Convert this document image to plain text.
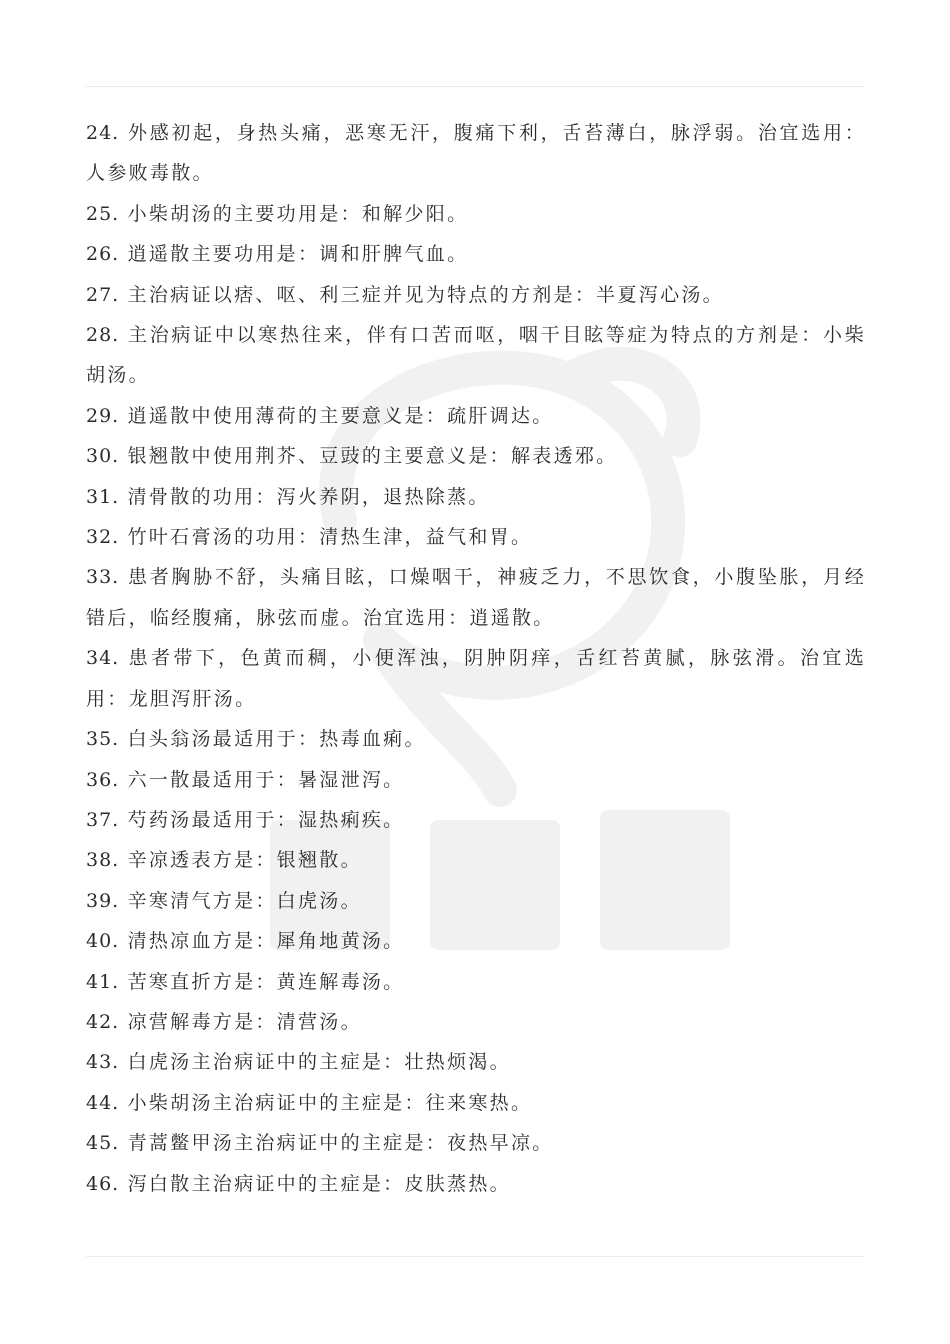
24. 外感初起，身热头痛，恶寒无汗，腹痛下利，舌苔薄白，脉浮弱。治宜选用：人参败毒散。

25. 小柴胡汤的主要功用是：和解少阳。

26. 逍遥散主要功用是：调和肝脾气血。

27. 主治病证以痞、呕、利三症并见为特点的方剂是：半夏泻心汤。

28. 主治病证中以寒热往来，伴有口苦而呕，咽干目眩等症为特点的方剂是：小柴胡汤。

29. 逍遥散中使用薄荷的主要意义是：疏肝调达。

30. 银翘散中使用荆芥、豆豉的主要意义是：解表透邪。

31. 清骨散的功用：泻火养阴，退热除蒸。

32. 竹叶石膏汤的功用：清热生津，益气和胃。

33. 患者胸胁不舒，头痛目眩，口燥咽干，神疲乏力，不思饮食，小腹坠胀，月经错后，临经腹痛，脉弦而虚。治宜选用：逍遥散。

34. 患者带下，色黄而稠，小便浑浊，阴肿阴痒，舌红苔黄腻，脉弦滑。治宜选用：龙胆泻肝汤。

35. 白头翁汤最适用于：热毒血痢。

36. 六一散最适用于：暑湿泄泻。

37. 芍药汤最适用于：湿热痢疾。

38. 辛凉透表方是：银翘散。

39. 辛寒清气方是：白虎汤。

40. 清热凉血方是：犀角地黄汤。

41. 苦寒直折方是：黄连解毒汤。

42. 凉营解毒方是：清营汤。

43. 白虎汤主治病证中的主症是：壮热烦渴。

44. 小柴胡汤主治病证中的主症是：往来寒热。

45. 青蒿鳖甲汤主治病证中的主症是：夜热早凉。

46. 泻白散主治病证中的主症是：皮肤蒸热。
